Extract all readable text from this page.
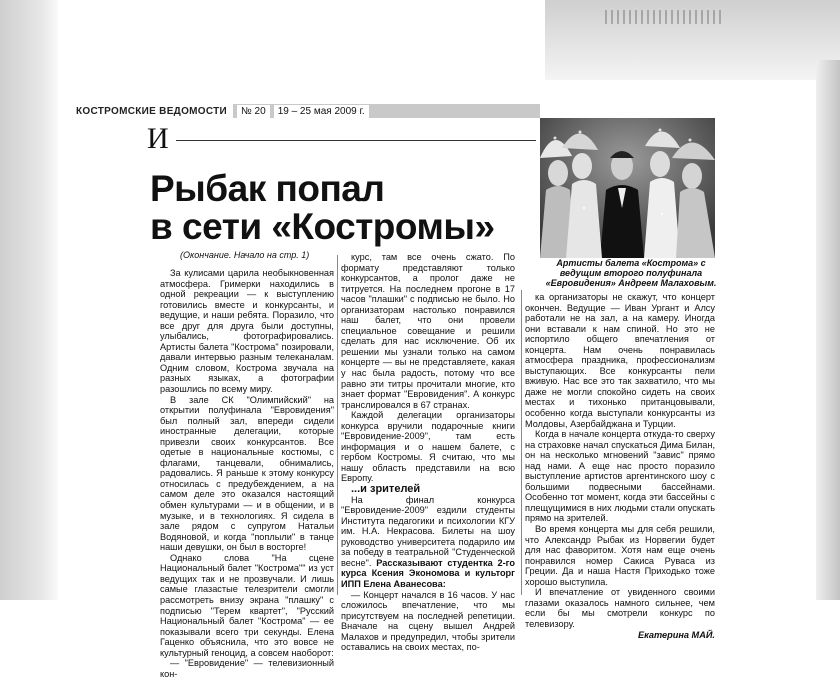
КОСТРОМСКИЕ ВЕДОМОСТИ	№ 20	19 – 25 мая 2009 г.
И
Рыбак попал
в сети «Костромы»
(Окончание. Начало на стр. 1)
Артисты балета «Кострома» с ведущим второго полуфинала «Евровидения» Андреем Малаховым.

За кулисами царила необыкновенная атмосфера. Гримерки находились в одной рекреации — к выступлению готовились вместе и конкурсанты, и ведущие, и наши ребята. Поразило, что все друг для друга были доступны, улыбались, фотографировались. Артисты балета "Кострома" позировали, давали интервью разным телеканалам. Одним словом, Кострома звучала на разных языках, а фотографии разошлись по всему миру.

В зале СК "Олимпийский" на открытии полуфинала "Евровидения" был полный зал, впереди сидели иностранные делегации, которые привезли своих конкурсантов. Все одетые в национальные костюмы, с флагами, танцевали, обнимались, радовались. Я раньше к этому конкурсу относилась с предубеждением, а на самом деле это оказался настоящий обмен культурами — и в общении, и в музыке, и в технологиях. Я сидела в зале рядом с супругом Натальи Водяновой, и когда "поплыли" в танце наши девушки, он был в восторге!

Однако слова "На сцене Национальный балет "Кострома"" из уст ведущих так и не прозвучали. И лишь самые глазастые телезрители смогли рассмотреть внизу экрана "плашку" с подписью "Терем квартет", "Русский Национальный балет "Кострома" — ее показывали всего три секунды. Елена Гаценко объяснила, что это вовсе не культурный геноцид, а совсем наоборот:

— "Евровидение" — телевизионный кон-

курс, там все очень сжато. По формату представляют только конкурсантов, а пролог даже не титруется. На последнем прогоне в 17 часов "плашки" с подписью не было. Но организаторам настолько понравился наш балет, что они провели специальное совещание и решили сделать для нас исключение. Об их решении мы узнали только на самом концерте — вы не представляете, какая у нас была радость, потому что все равно эти титры прочитали многие, кто знает формат "Евровидения". А конкурс транслировался в 67 странах.

Каждой делегации организаторы конкурса вручили подарочные книги "Евровидение-2009", там есть информация и о нашем балете, с гербом Костромы. Я считаю, что мы нашу область представили на всю Европу.

...и зрителей

На финал конкурса "Евровидение-2009" ездили студенты Института педагогики и психологии КГУ им. Н.А. Некрасова. Билеты на шоу руководство университета подарило им за победу в театральной "Студенческой весне". Рассказывают студентка 2-го курса Ксения Экономова и культорг ИПП Елена Аванесова:

— Концерт начался в 16 часов. У нас сложилось впечатление, что мы присутствуем на последней репетиции. Вначале на сцену вышел Андрей Малахов и предупредил, чтобы зрители оставались на своих местах, по-

ка организаторы не скажут, что концерт окончен. Ведущие — Иван Ургант и Алсу работали не на зал, а на камеру. Иногда они вставали к нам спиной. Но это не испортило общего впечатления от концерта. Нам очень понравилась атмосфера праздника, профессионализм выступающих. Все конкурсанты пели вживую. Нас все это так захватило, что мы даже не могли спокойно сидеть на своих местах и тихонько пританцовывали, особенно когда выступали конкурсанты из Молдовы, Азербайджана и Турции.

Когда в начале концерта откуда-то сверху на страховке начал спускаться Дима Билан, он на несколько мгновений "завис" прямо над нами. А еще нас просто поразило выступление артистов аргентинского шоу с большими подвесными бассейнами. Особенно тот момент, когда эти бассейны с плещущимися в них людьми стали опускать прямо на зрителей.

Во время концерта мы для себя решили, что Александр Рыбак из Норвегии будет для нас фаворитом. Хотя нам еще очень понравился номер Сакиса Руваса из Греции. Да и наша Настя Приходько тоже хорошо выступила.

И впечатление от увиденного своими глазами оказалось намного сильнее, чем если бы мы смотрели конкурс по телевизору.

Екатерина МАЙ.
